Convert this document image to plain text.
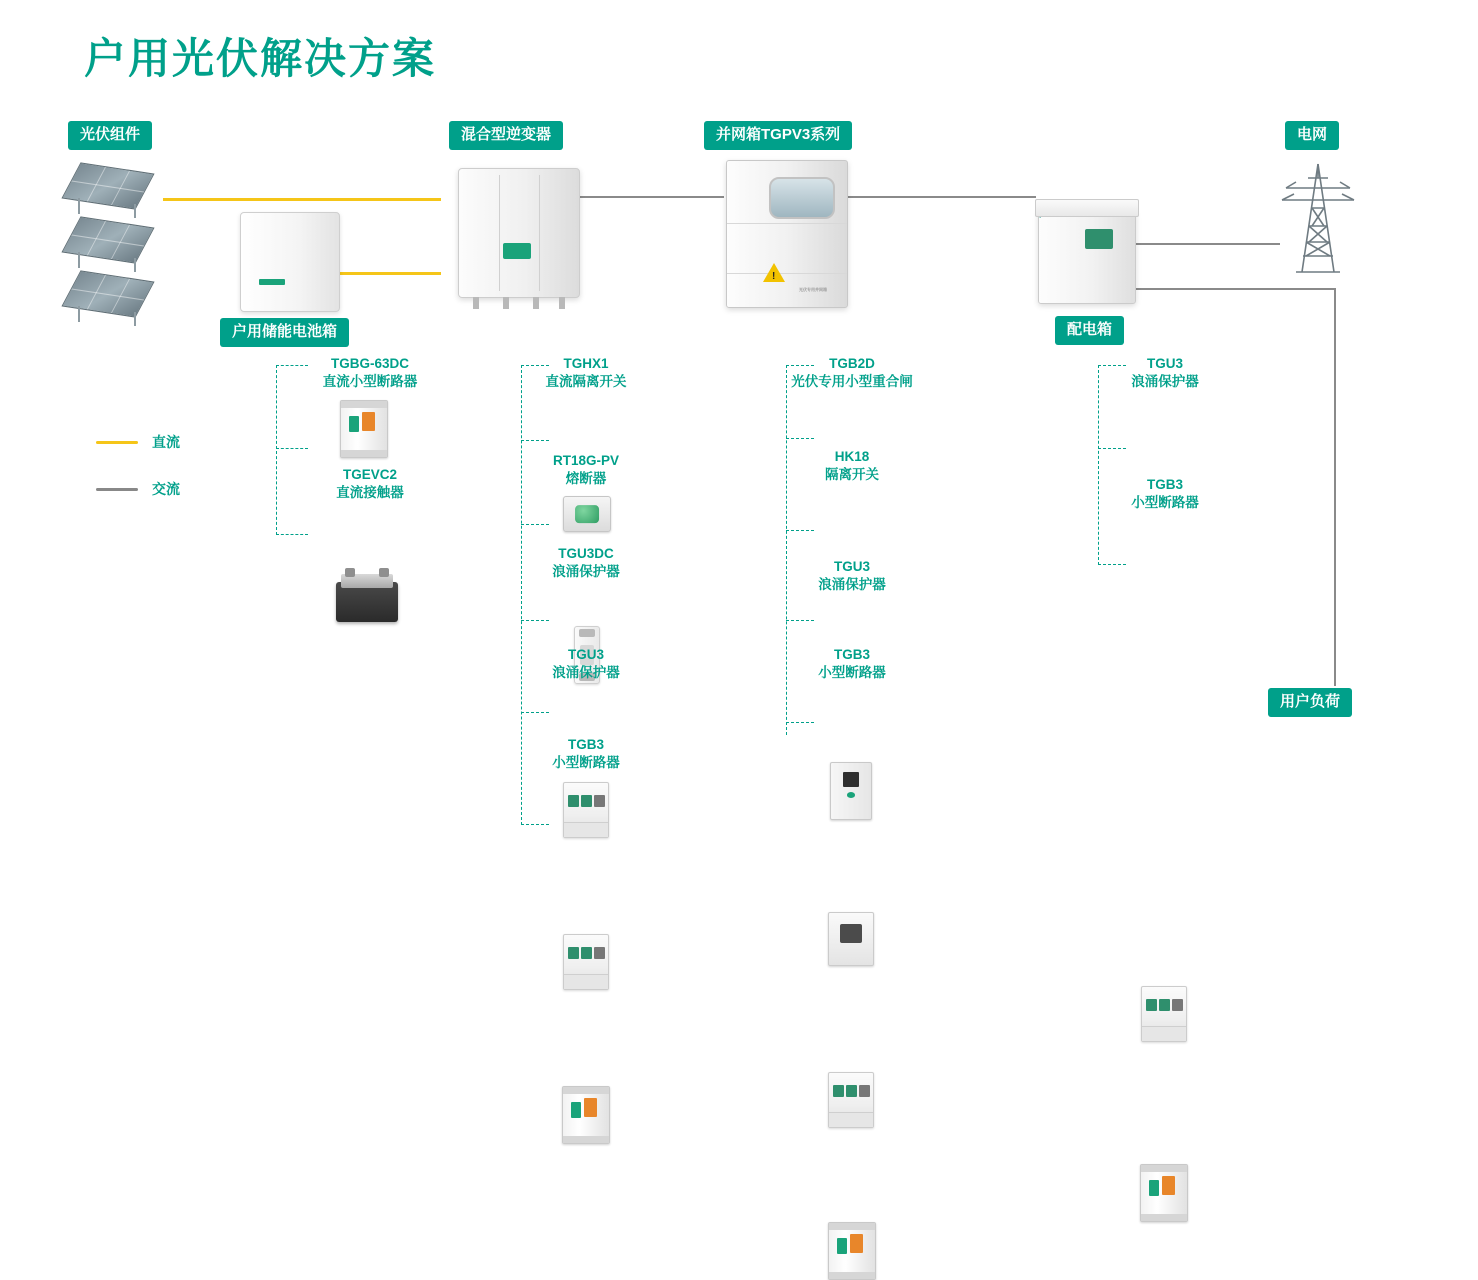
户用光伏解决方案
光伏组件	混合型逆变器	并网箱TGPV3系列	电网
户用储能电池箱	配电箱
用户负荷
直流
交流
!
光伏专用并网箱
TGBG-63DC
直流小型断路器
TGEVC2
直流接触器
TGHX1
直流隔离开关
RT18G-PV
熔断器
TGU3DC
浪涌保护器
TGU3
浪涌保护器
TGB3
小型断路器
TGB2D
光伏专用小型重合闸
HK18
隔离开关
TGU3
浪涌保护器
TGB3
小型断路器
TGU3
浪涌保护器
TGB3
小型断路器
